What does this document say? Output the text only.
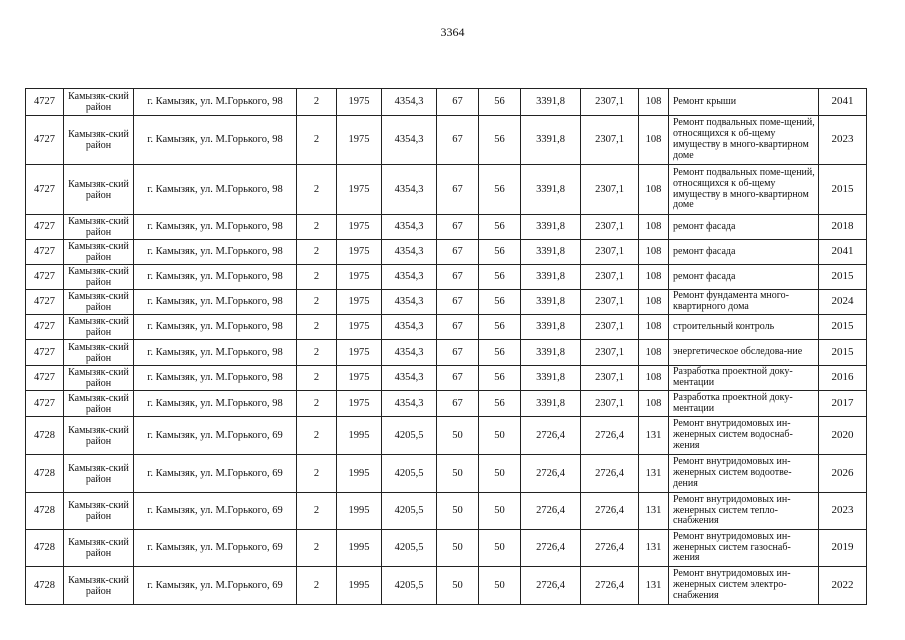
3364
4727	Камызяк-ский район	г. Камызяк, ул. М.Горького, 98	2	1975	4354,3	67	56	3391,8	2307,1	108	Ремонт крыши	2041
4727	Камызяк-ский район	г. Камызяк, ул. М.Горького, 98	2	1975	4354,3	67	56	3391,8	2307,1	108	Ремонт подвальных поме-щений, относящихся к об-щему имуществу в много-квартирном доме	2023
4727	Камызяк-ский район	г. Камызяк, ул. М.Горького, 98	2	1975	4354,3	67	56	3391,8	2307,1	108	Ремонт подвальных поме-щений, относящихся к об-щему имуществу в много-квартирном доме	2015
4727	Камызяк-ский район	г. Камызяк, ул. М.Горького, 98	2	1975	4354,3	67	56	3391,8	2307,1	108	ремонт фасада	2018
4727	Камызяк-ский район	г. Камызяк, ул. М.Горького, 98	2	1975	4354,3	67	56	3391,8	2307,1	108	ремонт фасада	2041
4727	Камызяк-ский район	г. Камызяк, ул. М.Горького, 98	2	1975	4354,3	67	56	3391,8	2307,1	108	ремонт фасада	2015
4727	Камызяк-ский район	г. Камызяк, ул. М.Горького, 98	2	1975	4354,3	67	56	3391,8	2307,1	108	Ремонт фундамента много-квартирного дома	2024
4727	Камызяк-ский район	г. Камызяк, ул. М.Горького, 98	2	1975	4354,3	67	56	3391,8	2307,1	108	строительный контроль	2015
4727	Камызяк-ский район	г. Камызяк, ул. М.Горького, 98	2	1975	4354,3	67	56	3391,8	2307,1	108	энергетическое обследова-ние	2015
4727	Камызяк-ский район	г. Камызяк, ул. М.Горького, 98	2	1975	4354,3	67	56	3391,8	2307,1	108	Разработка проектной доку-ментации	2016
4727	Камызяк-ский район	г. Камызяк, ул. М.Горького, 98	2	1975	4354,3	67	56	3391,8	2307,1	108	Разработка проектной доку-ментации	2017
4728	Камызяк-ский район	г. Камызяк, ул. М.Горького, 69	2	1995	4205,5	50	50	2726,4	2726,4	131	Ремонт внутридомовых ин-женерных систем водоснаб-жения	2020
4728	Камызяк-ский район	г. Камызяк, ул. М.Горького, 69	2	1995	4205,5	50	50	2726,4	2726,4	131	Ремонт внутридомовых ин-женерных систем водоотве-дения	2026
4728	Камызяк-ский район	г. Камызяк, ул. М.Горького, 69	2	1995	4205,5	50	50	2726,4	2726,4	131	Ремонт внутридомовых ин-женерных систем тепло-снабжения	2023
4728	Камызяк-ский район	г. Камызяк, ул. М.Горького, 69	2	1995	4205,5	50	50	2726,4	2726,4	131	Ремонт внутридомовых ин-женерных систем газоснаб-жения	2019
4728	Камызяк-ский район	г. Камызяк, ул. М.Горького, 69	2	1995	4205,5	50	50	2726,4	2726,4	131	Ремонт внутридомовых ин-женерных систем электро-снабжения	2022
